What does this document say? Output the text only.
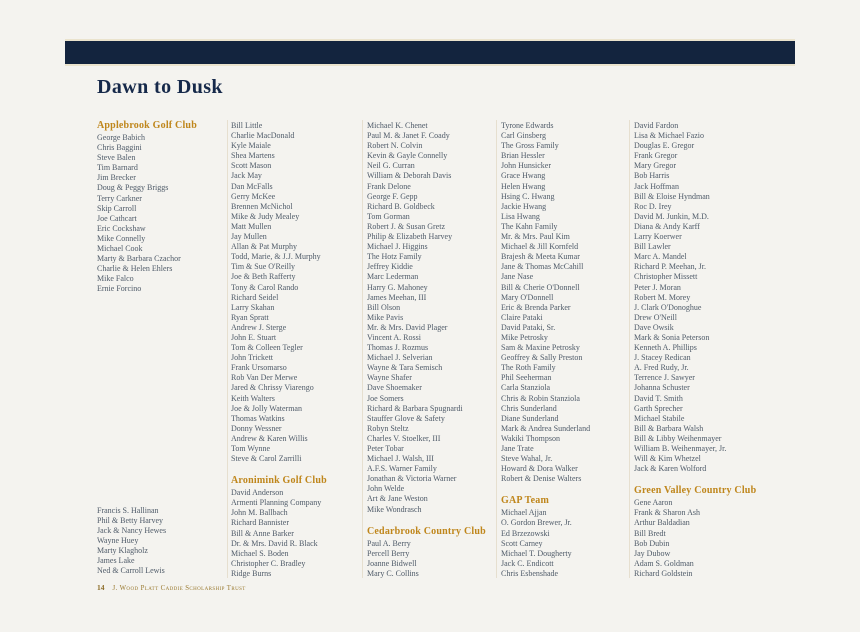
Dawn to Dusk
Applebrook Golf Club
George Babich
Chris Baggini
Steve Balen
Tim Barnard
Jim Brecker
Doug & Peggy Briggs
Terry Carkner
Skip Carroll
Joe Cathcart
Eric Cockshaw
Mike Connelly
Michael Cook
Marty & Barbara Czachor
Charlie & Helen Ehlers
Mike Falco
Ernie Forcino
Francis S. Hallinan
Phil & Betty Harvey
Jack & Nancy Hewes
Wayne Huey
Marty Klagholz
James Lake
Ned & Carroll Lewis
Bill Little
Charlie MacDonald
Kyle Maiale
Shea Martens
Scott Mason
Jack May
Dan McFalls
Gerry McKee
Brennen McNichol
Mike & Judy Mealey
Matt Mullen
Jay Mullen
Allan & Pat Murphy
Todd, Marie, & J.J. Murphy
Tim & Sue O'Reilly
Joe & Beth Rafferty
Tony & Carol Rando
Richard Seidel
Larry Skahan
Ryan Spratt
Andrew J. Sterge
John E. Stuart
Tom & Colleen Tegler
John Trickett
Frank Ursomarso
Rob Van Der Merwe
Jared & Chrissy Viarengo
Keith Walters
Joe & Jolly Waterman
Thomas Watkins
Donny Wessner
Andrew & Karen Willis
Tom Wynne
Steve & Carol Zarrilli
Aronimink Golf Club
David Anderson
Armenti Planning Company
John M. Ballbach
Richard Bannister
Bill & Anne Barker
Dr. & Mrs. David R. Black
Michael S. Boden
Christopher C. Bradley
Ridge Burns
Michael K. Chenet
Paul M. & Janet F. Coady
Robert N. Colvin
Kevin & Gayle Connelly
Neil G. Curran
William & Deborah Davis
Frank Delone
George F. Gepp
Richard B. Goldbeck
Tom Gorman
Robert J. & Susan Gretz
Philip & Elizabeth Harvey
Michael J. Higgins
The Hotz Family
Jeffrey Kiddie
Marc Lederman
Harry G. Mahoney
James Meehan, III
Bill Olson
Mike Pavis
Mr. & Mrs. David Plager
Vincent A. Rossi
Thomas J. Rozmus
Michael J. Selverian
Wayne & Tara Semisch
Wayne Shafer
Dave Shoemaker
Joe Somers
Richard & Barbara Spugnardi
Stauffer Glove & Safety
Robyn Steltz
Charles V. Stoelker, III
Peter Tobar
Michael J. Walsh, III
A.F.S. Warner Family
Jonathan & Victoria Warner
John Welde
Art & Jane Weston
Mike Wondrasch
Cedarbrook Country Club
Paul A. Berry
Percell Berry
Joanne Bidwell
Mary C. Collins
Tyrone Edwards
Carl Ginsberg
The Gross Family
Brian Hessler
John Hunsicker
Grace Hwang
Helen Hwang
Hsing C. Hwang
Jackie Hwang
Lisa Hwang
The Kahn Family
Mr. & Mrs. Paul Kim
Michael & Jill Kornfeld
Brajesh & Meeta Kumar
Jane & Thomas McCahill
Jane Nase
Bill & Cherie O'Donnell
Mary O'Donnell
Eric & Brenda Parker
Claire Pataki
David Pataki, Sr.
Mike Petrosky
Sam & Maxine Petrosky
Geoffrey & Sally Preston
The Roth Family
Phil Seeherman
Carla Stanziola
Chris & Robin Stanziola
Chris Sunderland
Diane Sunderland
Mark & Andrea Sunderland
Wakiki Thompson
Jane Trate
Steve Wahal, Jr.
Howard & Dora Walker
Robert & Denise Walters
GAP Team
Michael Ajjan
O. Gordon Brewer, Jr.
Ed Brzezowski
Scott Carney
Michael T. Dougherty
Jack C. Endicott
Chris Esbenshade
David Fardon
Lisa & Michael Fazio
Douglas E. Gregor
Frank Gregor
Mary Gregor
Bob Harris
Jack Hoffman
Bill & Eloise Hyndman
Roc D. Irey
David M. Junkin, M.D.
Diana & Andy Karff
Larry Koerwer
Bill Lawler
Marc A. Mandel
Richard P. Meehan, Jr.
Christopher Missett
Peter J. Moran
Robert M. Morey
J. Clark O'Donoghue
Drew O'Neill
Dave Owsik
Mark & Sonia Peterson
Kenneth A. Phillips
J. Stacey Redican
A. Fred Rudy, Jr.
Terrence J. Sawyer
Johanna Schuster
David T. Smith
Garth Sprecher
Michael Stabile
Bill & Barbara Walsh
Bill & Libby Weihenmayer
William B. Weihenmayer, Jr.
Will & Kim Whetzel
Jack & Karen Wolford
Green Valley Country Club
Gene Aaron
Frank & Sharon Ash
Arthur Baldadian
Bill Bredt
Bob Dubin
Jay Dubow
Adam S. Goldman
Richard Goldstein
14 J. Wood Platt Caddie Scholarship Trust
